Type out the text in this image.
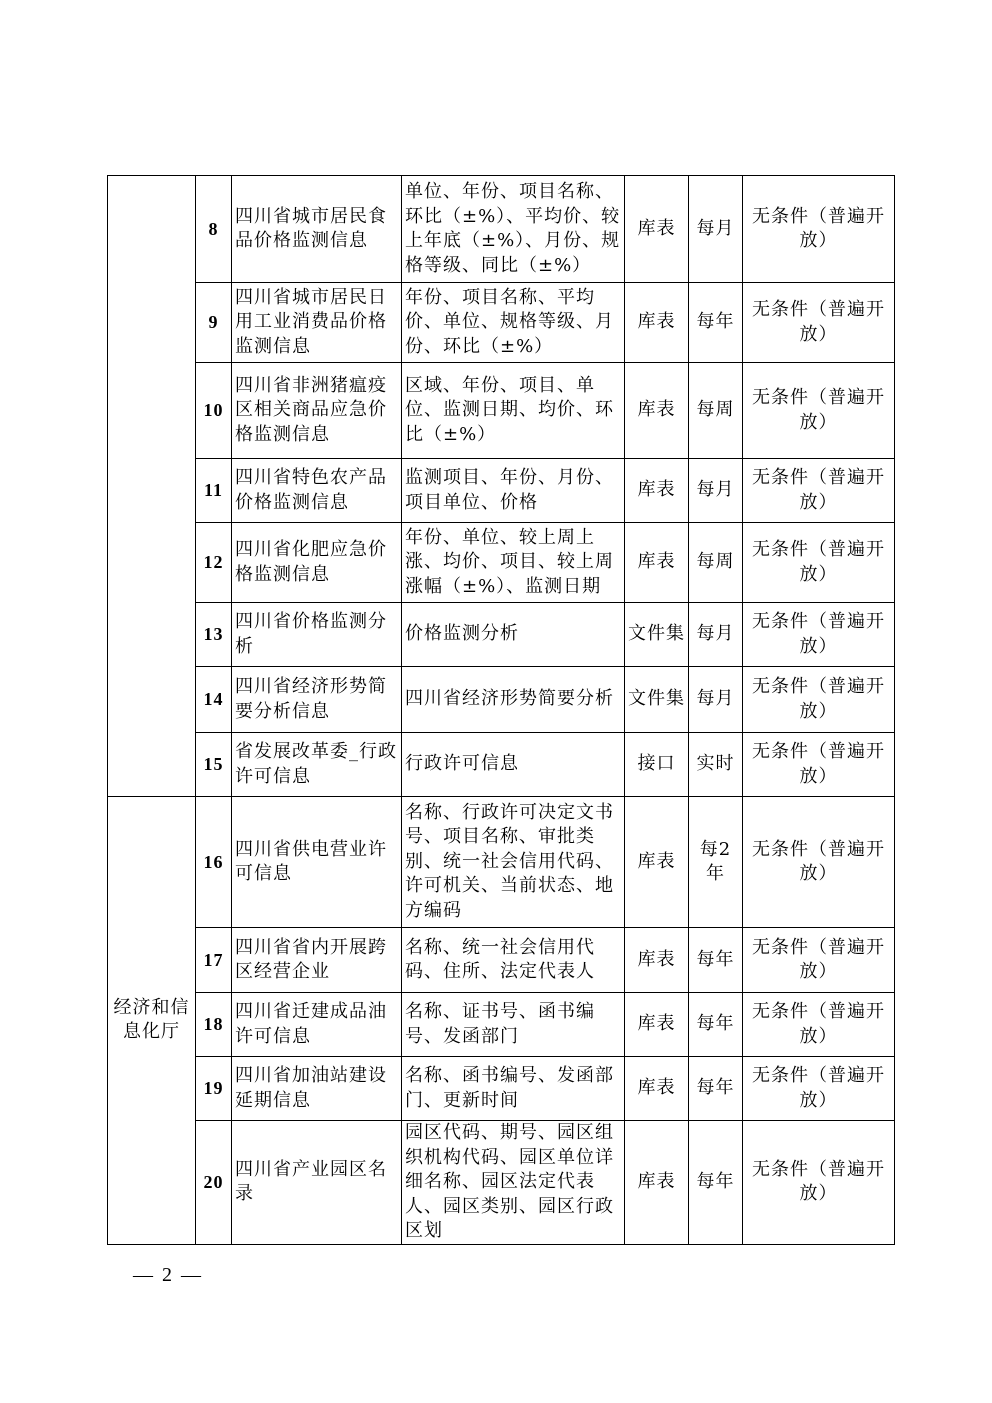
	8	四川省城市居民食品价格监测信息	单位、年份、项目名称、环比（±%）、平均价、较上年底（±%）、月份、规格等级、同比（±%）	库表	每月	无条件（普遍开放）
	9	四川省城市居民日用工业消费品价格监测信息	年份、项目名称、平均价、单位、规格等级、月份、环比（±%）	库表	每年	无条件（普遍开放）
	10	四川省非洲猪瘟疫区相关商品应急价格监测信息	区域、年份、项目、单位、监测日期、均价、环比（±%）	库表	每周	无条件（普遍开放）
	11	四川省特色农产品价格监测信息	监测项目、年份、月份、项目单位、价格	库表	每月	无条件（普遍开放）
	12	四川省化肥应急价格监测信息	年份、单位、较上周上涨、均价、项目、较上周涨幅（±%）、监测日期	库表	每周	无条件（普遍开放）
	13	四川省价格监测分析	价格监测分析	文件集	每月	无条件（普遍开放）
	14	四川省经济形势简要分析信息	四川省经济形势简要分析	文件集	每月	无条件（普遍开放）
	15	省发展改革委_行政许可信息	行政许可信息	接口	实时	无条件（普遍开放）
经济和信息化厅	16	四川省供电营业许可信息	名称、行政许可决定文书号、项目名称、审批类别、统一社会信用代码、许可机关、当前状态、地方编码	库表	每2年	无条件（普遍开放）
	17	四川省省内开展跨区经营企业	名称、统一社会信用代码、住所、法定代表人	库表	每年	无条件（普遍开放）
	18	四川省迁建成品油许可信息	名称、证书号、函书编号、发函部门	库表	每年	无条件（普遍开放）
	19	四川省加油站建设延期信息	名称、函书编号、发函部门、更新时间	库表	每年	无条件（普遍开放）
	20	四川省产业园区名录	园区代码、期号、园区组织机构代码、园区单位详细名称、园区法定代表人、园区类别、园区行政区划	库表	每年	无条件（普遍开放）
— 2 —
